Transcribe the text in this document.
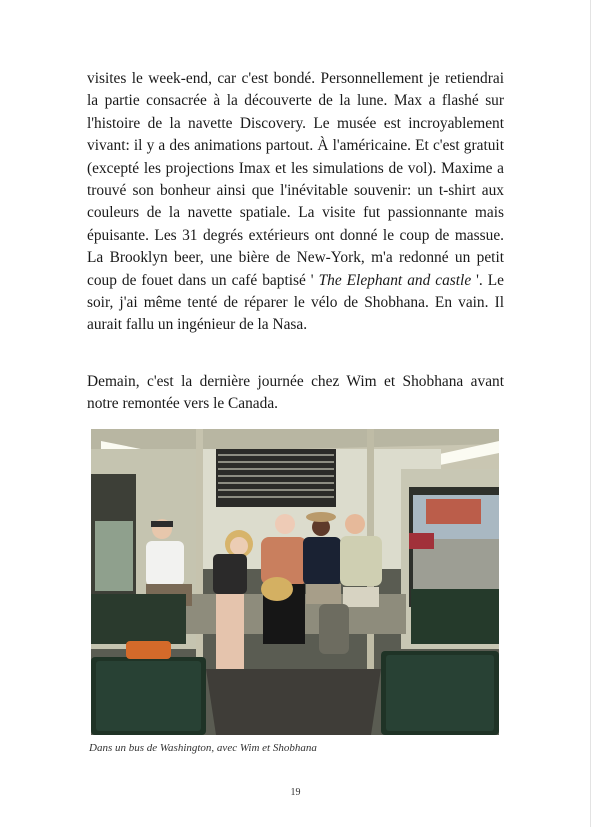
visites le week-end, car c'est bondé. Personnellement je retiendrai la partie consacrée à la découverte de la lune. Max a flashé sur l'histoire de la navette Discovery. Le musée est incroyablement vivant: il y a des animations partout. À l'américaine. Et c'est gratuit (excepté les projections Imax et les simulations de vol). Maxime a trouvé son bonheur ainsi que l'inévitable souvenir: un t-shirt aux couleurs de la navette spatiale. La visite fut passionnante mais épuisante. Les 31 degrés extérieurs ont donné le coup de massue. La Brooklyn beer, une bière de New-York, m'a redonné un petit coup de fouet dans un café baptisé ' The Elephant and castle '. Le soir, j'ai même tenté de réparer le vélo de Shobhana. En vain. Il aurait fallu un ingénieur de la Nasa.

Demain, c'est la dernière journée chez Wim et Shobhana avant notre remontée vers le Canada.

Dans un bus de Washington, avec Wim et Shobhana
19
